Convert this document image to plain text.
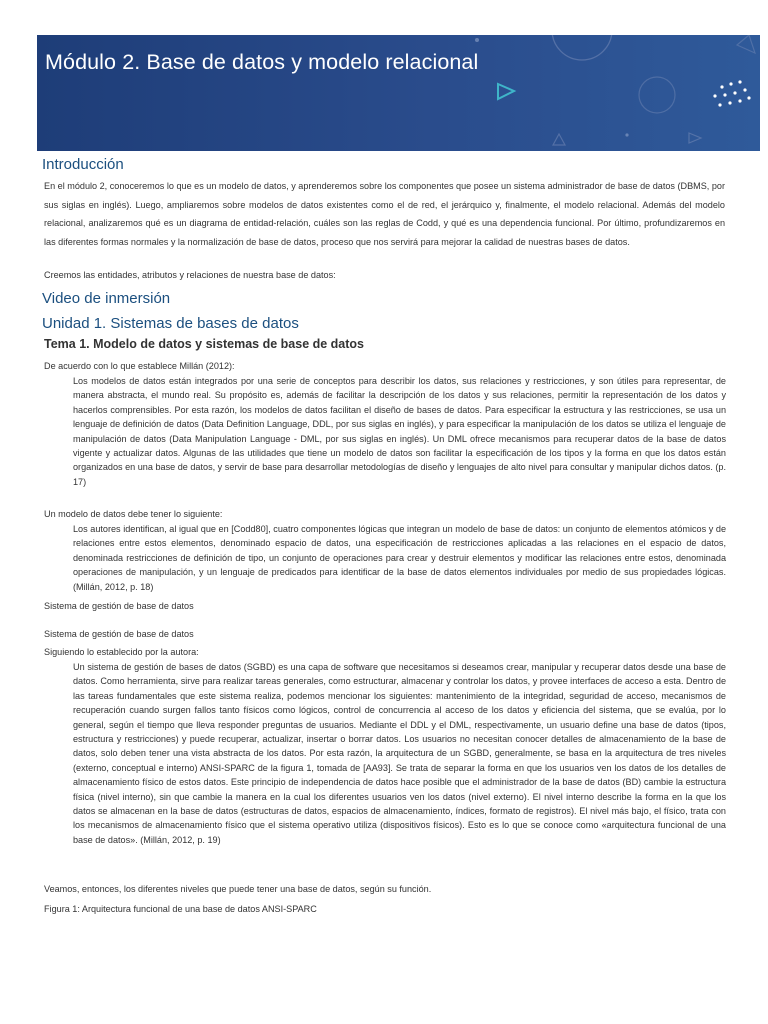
Módulo 2. Base de datos y modelo relacional
Introducción

En el módulo 2, conoceremos lo que es un modelo de datos, y aprenderemos sobre los componentes que posee un sistema administrador de base de datos (DBMS, por sus siglas en inglés). Luego, ampliaremos sobre modelos de datos existentes como el de red, el jerárquico y, finalmente, el modelo relacional. Además del modelo relacional, analizaremos qué es un diagrama de entidad-relación, cuáles son las reglas de Codd, y qué es una dependencia funcional. Por último, profundizaremos en las diferentes formas normales y la normalización de base de datos, proceso que nos servirá para mejorar la calidad de nuestras bases de datos.

Creemos las entidades, atributos y relaciones de nuestra base de datos:

Video de inmersión
Unidad 1. Sistemas de bases de datos
Tema 1. Modelo de datos y sistemas de base de datos

De acuerdo con lo que establece Millán (2012):

Los modelos de datos están integrados por una serie de conceptos para describir los datos, sus relaciones y restricciones, y son útiles para representar, de manera abstracta, el mundo real. Su propósito es, además de facilitar la descripción de los datos y sus relaciones, permitir la representación de los datos y hacerlos comprensibles. Por esta razón, los modelos de datos facilitan el diseño de bases de datos. Para especificar la estructura y las restricciones, se usa un lenguaje de definición de datos (Data Definition Language, DDL, por sus siglas en inglés), y para especificar la manipulación de los datos se utiliza el lenguaje de manipulación de datos (Data Manipulation Language - DML, por sus siglas en inglés). Un DML ofrece mecanismos para recuperar datos de la base de datos vigente y actualizar datos. Algunas de las utilidades que tiene un modelo de datos son facilitar la especificación de los tipos y la forma en que los datos están organizados en una base de datos, y servir de base para desarrollar metodologías de diseño y lenguajes de alto nivel para consultar y manipular dichos datos. (p. 17)

Un modelo de datos debe tener lo siguiente:

Los autores identifican, al igual que en [Codd80], cuatro componentes lógicas que integran un modelo de base de datos: un conjunto de elementos atómicos y de relaciones entre estos elementos, denominado espacio de datos, una especificación de restricciones aplicadas a las relaciones en el espacio de datos, denominada restricciones de definición de tipo, un conjunto de operaciones para crear y destruir elementos y modificar las relaciones entre estos, denominada operaciones de manipulación, y un lenguaje de predicados para identificar de la base de datos elementos individuales por medio de sus propiedades lógicas. (Millán, 2012, p. 18)

Sistema de gestión de base de datos

Sistema de gestión de base de datos

Siguiendo lo establecido por la autora:

Un sistema de gestión de bases de datos (SGBD) es una capa de software que necesitamos si deseamos crear, manipular y recuperar datos desde una base de datos. Como herramienta, sirve para realizar tareas generales, como estructurar, almacenar y controlar los datos, y provee interfaces de acceso a esta. Dentro de las tareas fundamentales que este sistema realiza, podemos mencionar los siguientes: mantenimiento de la integridad, seguridad de acceso, mecanismos de recuperación cuando surgen fallos tanto físicos como lógicos, control de concurrencia al acceso de los datos y eficiencia del sistema, que se evalúa, por lo general, según el tiempo que lleva responder preguntas de usuarios. Mediante el DDL y el DML, respectivamente, un usuario define una base de datos (tipos, estructura y restricciones) y puede recuperar, actualizar, insertar o borrar datos. Los usuarios no necesitan conocer detalles de almacenamiento de la base de datos, solo deben tener una vista abstracta de los datos. Por esta razón, la arquitectura de un SGBD, generalmente, se basa en la arquitectura de tres niveles (externo, conceptual e interno) ANSI-SPARC de la figura 1, tomada de [AA93]. Se trata de separar la forma en que los usuarios ven los datos de los detalles de almacenamiento físico de estos datos. Este principio de independencia de datos hace posible que el administrador de la base de datos (BD) cambie la estructura física (nivel interno), sin que cambie la manera en la cual los diferentes usuarios ven los datos (nivel externo). El nivel interno describe la forma en la que los datos se almacenan en la base de datos (estructuras de datos, espacios de almacenamiento, índices, formato de registros). El nivel más bajo, el físico, trata con los mecanismos de almacenamiento físico que el sistema operativo utiliza (dispositivos físicos). Esto es lo que se conoce como «arquitectura funcional de una base de datos». (Millán, 2012, p. 19)

Veamos, entonces, los diferentes niveles que puede tener una base de datos, según su función.

Figura 1: Arquitectura funcional de una base de datos ANSI-SPARC
